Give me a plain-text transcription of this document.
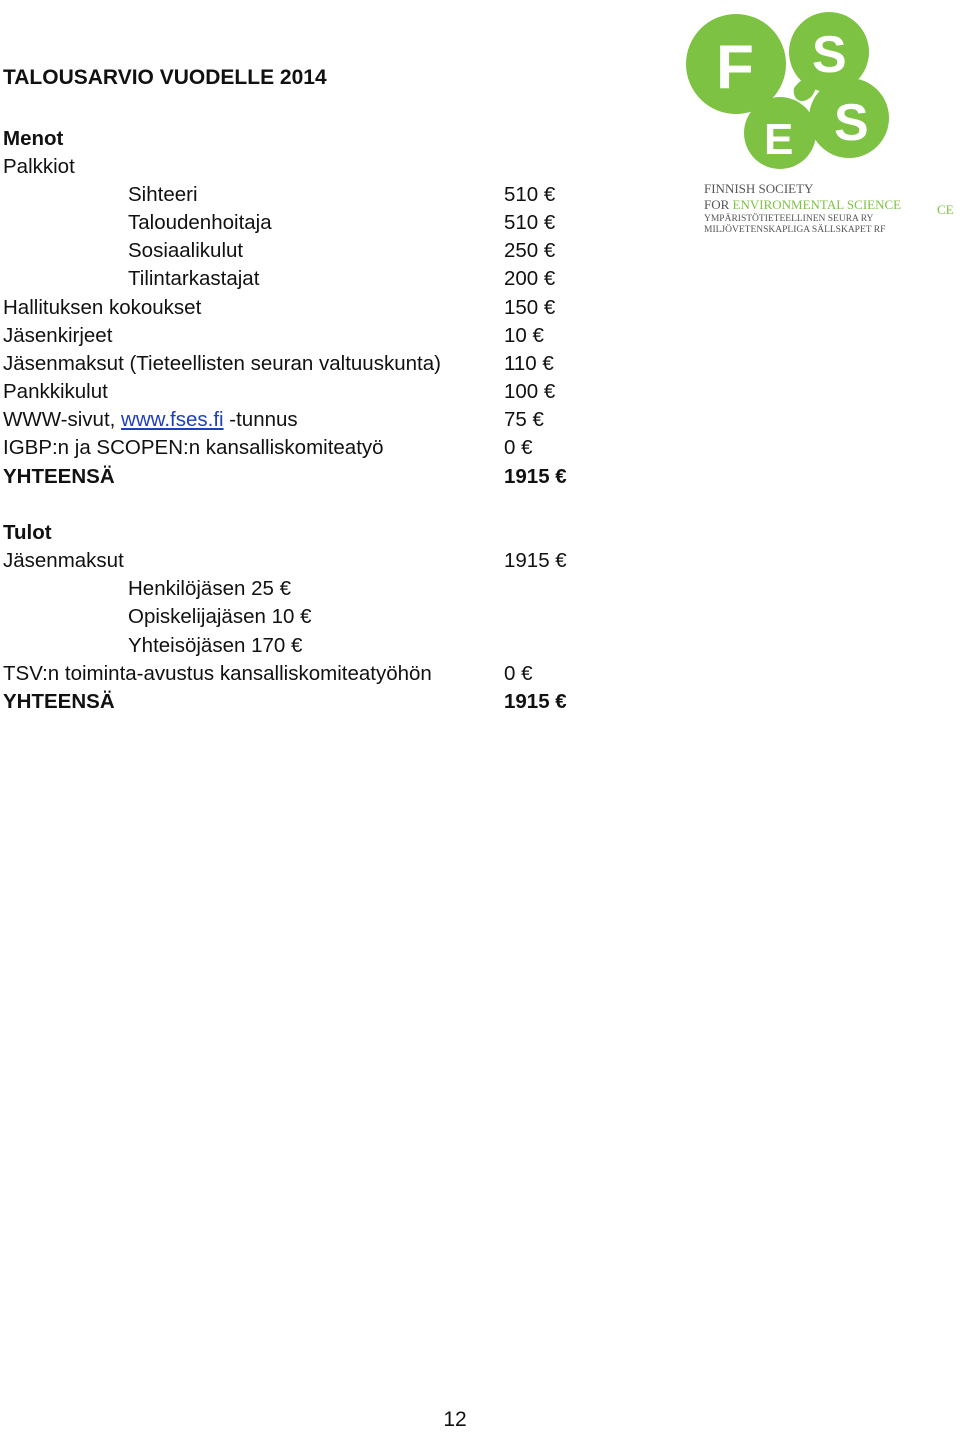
TALOUSARVIO VUODELLE 2014	F S
E S
FINNISH SOCIETY
FOR ENVIRONMENTAL SCIENCE	CE
YMPÄRISTÖTIETEELLINEN SEURA RY
MILJÖVETENSKAPLIGA SÄLLSKAPET RF
Menot
Palkkiot
Sihteeri	510 €
Taloudenhoitaja	510 €
Sosiaalikulut	250 €
Tilintarkastajat	200 €
Hallituksen kokoukset	150 €
Jäsenkirjeet	10 €
Jäsenmaksut (Tieteellisten seuran valtuuskunta)	110 €
Pankkikulut	100 €
WWW-sivut, www.fses.fi -tunnus	75 €
IGBP:n ja SCOPEN:n kansalliskomiteatyö	0 €
YHTEENSÄ	1915 €
Tulot
Jäsenmaksut	1915 €
Henkilöjäsen 25 €
Opiskelijajäsen 10 €
Yhteisöjäsen 170 €
TSV:n toiminta-avustus kansalliskomiteatyöhön	0 €
YHTEENSÄ	1915 €
12
